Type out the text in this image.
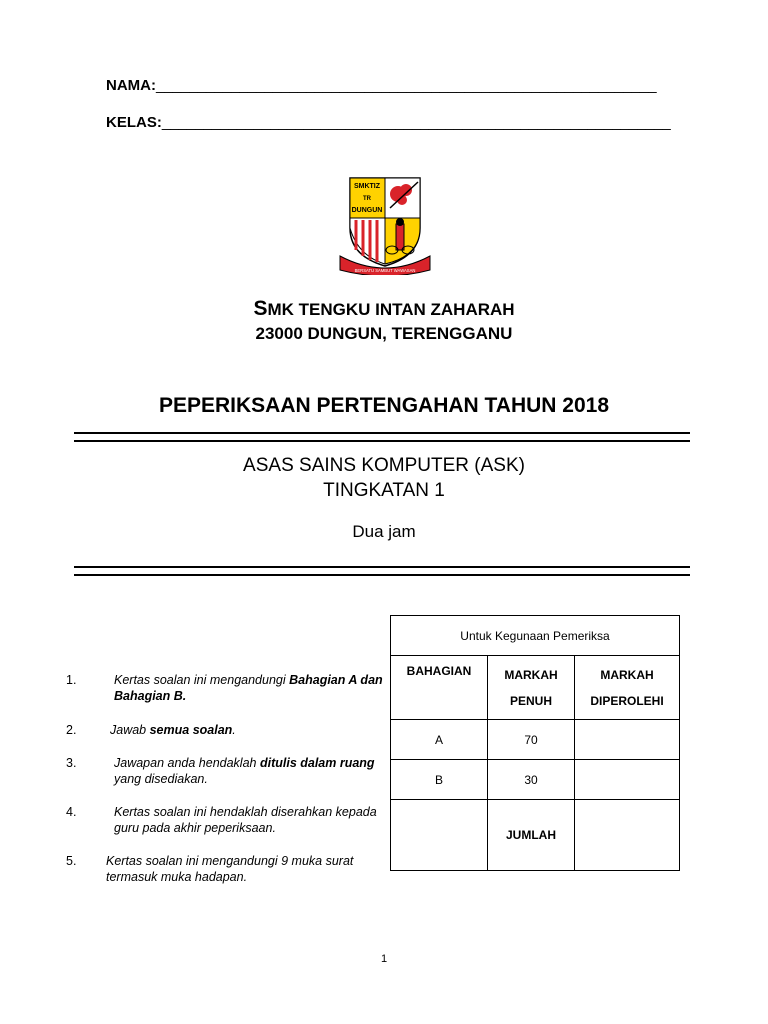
NAMA:____________________________________________________________
KELAS:_____________________________________________________________
SMKTIZ
TR
DUNGUN
BERSATU SAMBUT WAWASAN
SMK TENGKU INTAN ZAHARAH
23000 DUNGUN, TERENGGANU
PEPERIKSAAN PERTENGAHAN TAHUN 2018
ASAS SAINS KOMPUTER (ASK)
TINGKATAN 1
Dua jam
1.	Kertas soalan ini mengandungi Bahagian A dan Bahagian B.
2.	Jawab semua soalan.
3.	Jawapan anda hendaklah ditulis dalam ruang yang disediakan.
4.	Kertas soalan ini hendaklah diserahkan kepada guru pada akhir peperiksaan.
5. Kertas soalan ini mengandungi 9 muka surat termasuk muka hadapan.
Untuk Kegunaan Pemeriksa		
BAHAGIAN	MARKAH PENUH	MARKAH DIPEROLEHI
A	70	
B	30	
	JUMLAH	
1
